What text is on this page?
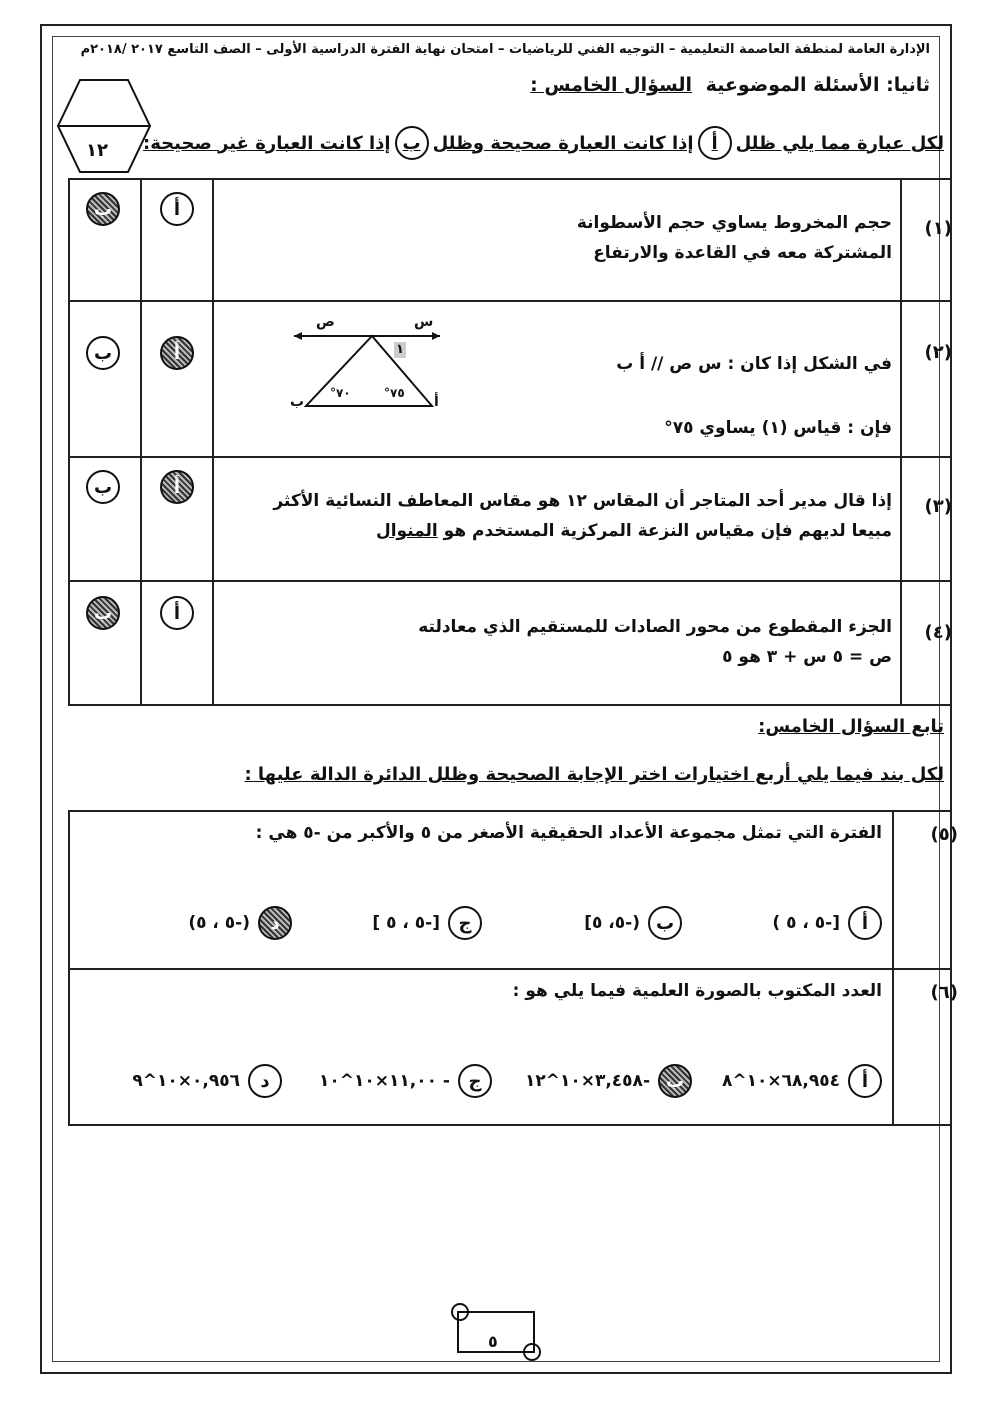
الإدارة العامة لمنطقة العاصمة التعليمية – التوجيه الفني للرياضيات – امتحان نهاية الفترة الدراسية الأولى – الصف التاسع ٢٠١٧ /٢٠١٨م
ثانيا: الأسئلة الموضوعية
السؤال الخامس :
١٢	لكل عبارة مما يلي ظلل
أ
إذا كانت العبارة صحيحة وظلل
ب
إذا كانت العبارة غير صحيحة:
(١)
حجم المخروط يساوي حجم الأسطوانة
المشتركة معه في القاعدة والارتفاع
أ
ب
(٢)
في الشكل إذا كان : س ص // أ ب
فإن : قياس (١) يساوي ٧٥°
س
ص
١
أ
ب
٧٥°
٧٠°
أ
ب
(٣)
إذا قال مدير أحد المتاجر أن المقاس ١٢ هو مقاس المعاطف النسائية الأكثر
مبيعا لديهم فإن مقياس النزعة المركزية المستخدم هو المنوال
أ
ب
(٤)
الجزء المقطوع من محور الصادات للمستقيم الذي معادلته
ص = ٥ س + ٣ هو ٥
أ
ب
تابع السؤال الخامس:
لكل بند فيما يلي أربع اختيارات اختر الإجابة الصحيحة وظلل الدائرة الدالة عليها :
(٥)
الفترة التي تمثل مجموعة الأعداد الحقيقية الأصغر من ٥ والأكبر من -٥ هي :
أ
[-٥ ، ٥ )
ب
(-٥، ٥]
ج
[-٥ ، ٥ ]
د
(-٥ ، ٥)
(٦)
العدد المكتوب بالصورة العلمية فيما يلي هو :
أ
٦٨,٩٥٤×١٠^٨
ب
-٣,٤٥٨×١٠^١٢
ج
- ١١,٠٠×١٠^١٠
د
٠,٩٥٦×١٠^٩
٥
